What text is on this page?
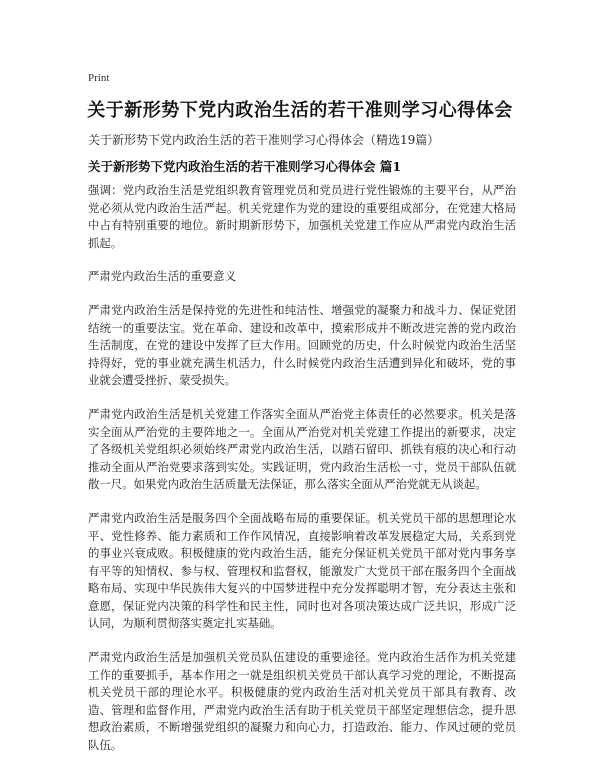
Print
关于新形势下党内政治生活的若干准则学习心得体会
关于新形势下党内政治生活的若干准则学习心得体会（精选19篇）
关于新形势下党内政治生活的若干准则学习心得体会 篇1

强调：党内政治生活是党组织教育管理党员和党员进行党性锻炼的主要平台，从严治党必须从党内政治生活严起。机关党建作为党的建设的重要组成部分，在党建大格局中占有特别重要的地位。新时期新形势下，加强机关党建工作应从严肃党内政治生活抓起。

严肃党内政治生活的重要意义

严肃党内政治生活是保持党的先进性和纯洁性、增强党的凝聚力和战斗力、保证党团结统一的重要法宝。党在革命、建设和改革中，摸索形成并不断改进完善的党内政治生活制度，在党的建设中发挥了巨大作用。回顾党的历史，什么时候党内政治生活坚持得好，党的事业就充满生机活力，什么时候党内政治生活遭到异化和破坏，党的事业就会遭受挫折、蒙受损失。

严肃党内政治生活是机关党建工作落实全面从严治党主体责任的必然要求。机关是落实全面从严治党的主要阵地之一。全面从严治党对机关党建工作提出的新要求，决定了各级机关党组织必须始终严肃党内政治生活，以踏石留印、抓铁有痕的决心和行动推动全面从严治党要求落到实处。实践证明，党内政治生活松一寸，党员干部队伍就散一尺。如果党内政治生活质量无法保证，那么落实全面从严治党就无从谈起。

严肃党内政治生活是服务四个全面战略布局的重要保证。机关党员干部的思想理论水平、党性修养、能力素质和工作作风情况，直接影响着改革发展稳定大局，关系到党的事业兴衰成败。积极健康的党内政治生活，能充分保证机关党员干部对党内事务享有平等的知情权、参与权、管理权和监督权，能激发广大党员干部在服务四个全面战略布局、实现中华民族伟大复兴的中国梦进程中充分发挥聪明才智，充分表达主张和意愿，保证党内决策的科学性和民主性，同时也对各项决策达成广泛共识，形成广泛认同，为顺利贯彻落实奠定扎实基础。

严肃党内政治生活是加强机关党员队伍建设的重要途径。党内政治生活作为机关党建工作的重要抓手，基本作用之一就是组织机关党员干部认真学习党的理论，不断提高机关党员干部的理论水平。积极健康的党内政治生活对机关党员干部具有教育、改造、管理和监督作用，严肃党内政治生活有助于机关党员干部坚定理想信念，提升思想政治素质，不断增强党组织的凝聚力和向心力，打造政治、能力、作风过硬的党员队伍。
